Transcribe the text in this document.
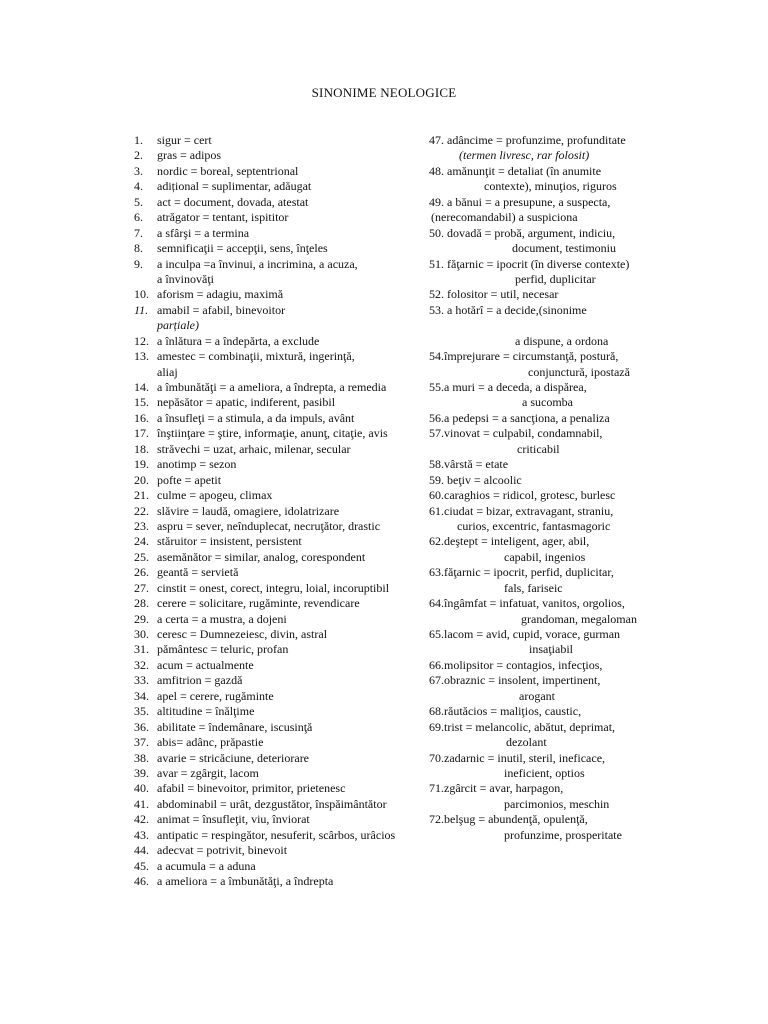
SINONIME NEOLOGICE
1. sigur = cert
2. gras = adipos
3. nordic = boreal, septentrional
4. adițional = suplimentar, adăugat
5. act = document, dovada, atestat
6. atrăgator = tentant, ispititor
7. a sfârşi = a termina
8. semnificaţii = accepţii, sens, înţeles
9. a inculpa =a învinui, a incrimina, a acuza,
a învinovăţi
10. aforism = adagiu, maximă
11. amabil = afabil, binevoitor
parțiale)
12. a înlătura = a îndepărta, a exclude
13. amestec = combinaţii, mixtură, ingerinţă,
aliaj
14. a îmbunătăţi = a ameliora, a îndrepta, a remedia
15. nepăsător = apatic, indiferent, pasibil
16. a însufleţi = a stimula, a da impuls, avânt
17. înştiinţare = ştire, informaţie, anunţ, citaţie, avis
18. străvechi = uzat, arhaic, milenar, secular
19. anotimp = sezon
20. pofte = apetit
21. culme = apogeu, climax
22. slăvire = laudă, omagiere, idolatrizare
23. aspru = sever, neînduplecat, necruţător, drastic
24. stăruitor = insistent, persistent
25. asemănător = similar, analog, corespondent
26. geantă = servietă
27. cinstit = onest, corect, integru, loial, incoruptibil
28. cerere = solicitare, rugăminte, revendicare
29. a certa = a mustra, a dojeni
30. ceresc = Dumnezeiesc, divin, astral
31. pământesc = teluric, profan
32. acum = actualmente
33. amfitrion = gazdă
34. apel = cerere, rugăminte
35. altitudine = înălţime
36. abilitate = îndemânare, iscusinţă
37. abis= adânc, prăpastie
38. avarie = stricăciune, deteriorare
39. avar = zgârgit, lacom
40. afabil = binevoitor, primitor, prietenesc
41. abdominabil = urât, dezgustător, înspăimântător
42. animat = însufleţit, viu, înviorat
43. antipatic = respingător, nesuferit, scârbos, urâcios
44. adecvat = potrivit, binevoit
45. a acumula = a aduna
46. a ameliora = a îmbunătăţi, a îndrepta
47. adâncime = profunzime, profunditate
(termen livresc, rar folosit)
48. amănunţit = detaliat (în anumite
contexte), minuţios, riguros
49. a bănui = a presupune, a suspecta,
(nerecomandabil) a suspiciona
50. dovadă = probă, argument, indiciu,
document, testimoniu
51. făţarnic = ipocrit (în diverse contexte)
perfid, duplicitar
52. folositor = util, necesar
53. a hotărî = a decide,(sinonime
a dispune, a ordona
54.împrejurare = circumstanţă, postură,
conjunctură, ipostază
55.a muri = a deceda, a dispărea,
a sucomba
56.a pedepsi = a sancţiona, a penaliza
57.vinovat = culpabil, condamnabil,
criticabil
58.vârstă = etate
59. beţiv = alcoolic
60.caraghios = ridicol, grotesc, burlesc
61.ciudat = bizar, extravagant, straniu,
curios, excentric, fantasmagoric
62.deştept = inteligent, ager, abil,
capabil, ingenios
63.făţarnic = ipocrit, perfid, duplicitar,
fals, fariseic
64.îngâmfat = infatuat, vanitos, orgolios,
grandoman, megaloman
65.lacom = avid, cupid, vorace, gurman
insaţiabil
66.molipsitor = contagios, infecţios,
67.obraznic = insolent, impertinent,
arogant
68.răutăcios = maliţios, caustic,
69.trist = melancolic, abătut, deprimat,
dezolant
70.zadarnic = inutil, steril, ineficace,
ineficient, optios
71.zgârcit = avar, harpagon,
parcimonios, meschin
72.belşug = abundenţă, opulenţă,
profunzime, prosperitate
